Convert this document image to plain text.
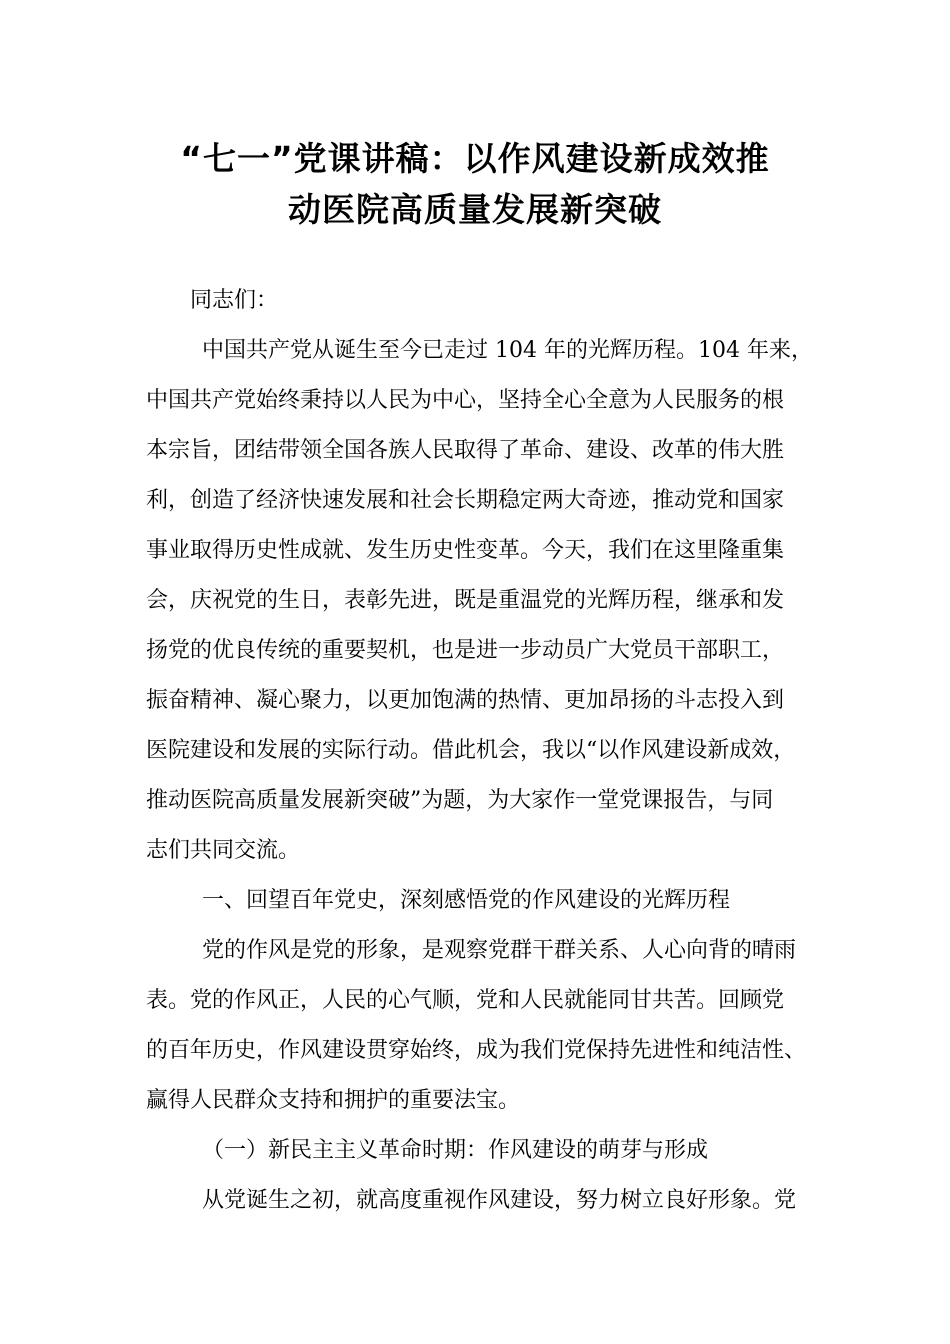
“七一”党课讲稿：以作风建设新成效推
动医院高质量发展新突破
同志们：
中国共产党从诞生至今已走过 104 年的光辉历程。104 年来，
中国共产党始终秉持以人民为中心，坚持全心全意为人民服务的根
本宗旨，团结带领全国各族人民取得了革命、建设、改革的伟大胜
利，创造了经济快速发展和社会长期稳定两大奇迹，推动党和国家
事业取得历史性成就、发生历史性变革。今天，我们在这里隆重集
会，庆祝党的生日，表彰先进，既是重温党的光辉历程，继承和发
扬党的优良传统的重要契机，也是进一步动员广大党员干部职工，
振奋精神、凝心聚力，以更加饱满的热情、更加昂扬的斗志投入到
医院建设和发展的实际行动。借此机会，我以“以作风建设新成效，
推动医院高质量发展新突破”为题，为大家作一堂党课报告，与同
志们共同交流。
一、回望百年党史，深刻感悟党的作风建设的光辉历程
党的作风是党的形象，是观察党群干群关系、人心向背的晴雨
表。党的作风正，人民的心气顺，党和人民就能同甘共苦。回顾党
的百年历史，作风建设贯穿始终，成为我们党保持先进性和纯洁性、
赢得人民群众支持和拥护的重要法宝。
（一）新民主主义革命时期：作风建设的萌芽与形成
从党诞生之初，就高度重视作风建设，努力树立良好形象。党
